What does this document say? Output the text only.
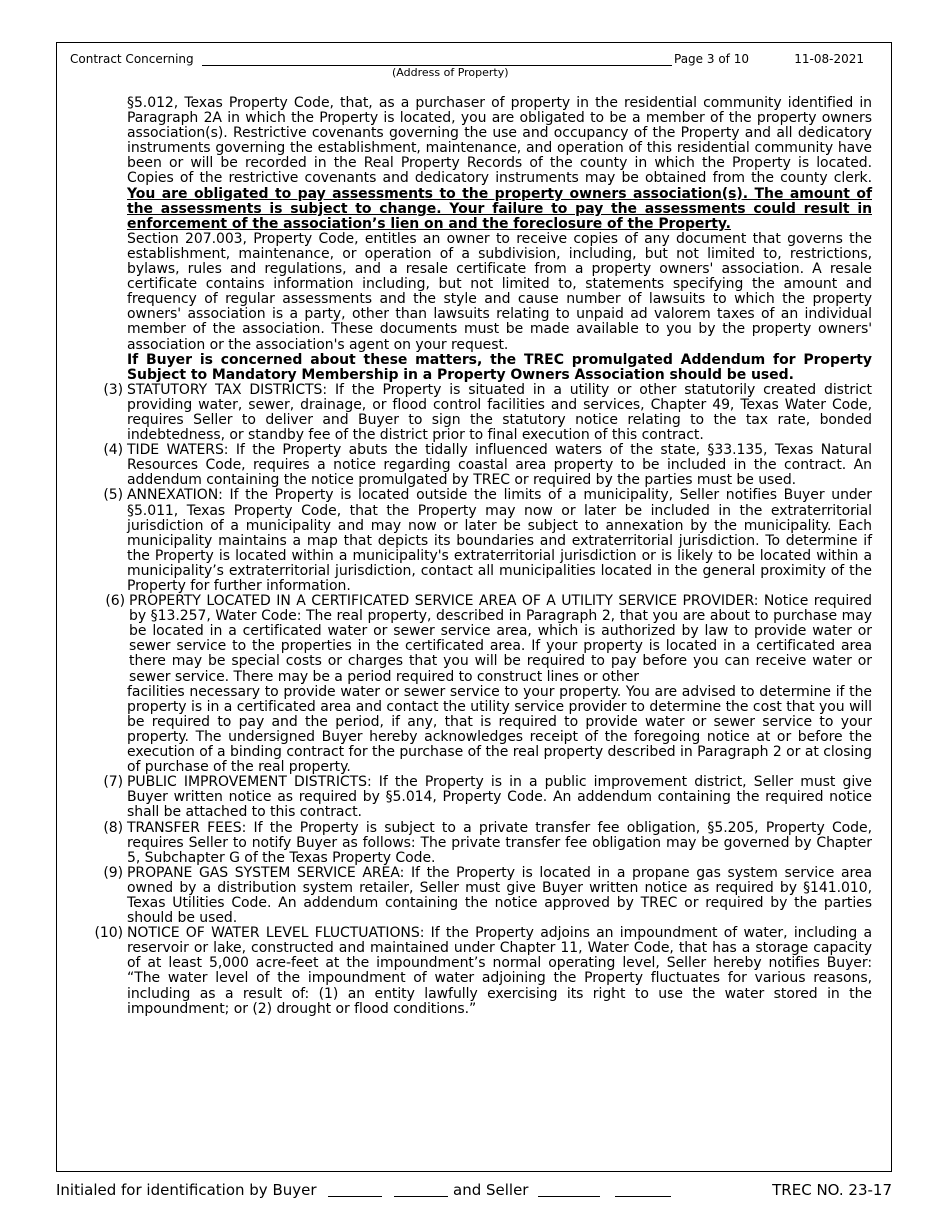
Contract Concerning	Page 3 of 10	11-08-2021
(Address of Property)

§5.012, Texas Property Code, that, as a purchaser of property in the residential community identified in Paragraph 2A in which the Property is located, you are obligated to be a member of the property owners association(s). Restrictive covenants governing the use and occupancy of the Property and all dedicatory instruments governing the establishment, maintenance, and operation of this residential community have been or will be recorded in the Real Property Records of the county in which the Property is located. Copies of the restrictive covenants and dedicatory instruments may be obtained from the county clerk. You are obligated to pay assessments to the property owners association(s). The amount of the assessments is subject to change. Your failure to pay the assessments could result in enforcement of the association’s lien on and the foreclosure of the Property.

Section 207.003, Property Code, entitles an owner to receive copies of any document that governs the establishment, maintenance, or operation of a subdivision, including, but not limited to, restrictions, bylaws, rules and regulations, and a resale certificate from a property owners' association. A resale certificate contains information including, but not limited to, statements specifying the amount and frequency of regular assessments and the style and cause number of lawsuits to which the property owners' association is a party, other than lawsuits relating to unpaid ad valorem taxes of an individual member of the association. These documents must be made available to you by the property owners' association or the association's agent on your request.

If Buyer is concerned about these matters, the TREC promulgated Addendum for Property Subject to Mandatory Membership in a Property Owners Association should be used.

(3) STATUTORY TAX DISTRICTS: If the Property is situated in a utility or other statutorily created district providing water, sewer, drainage, or flood control facilities and services, Chapter 49, Texas Water Code, requires Seller to deliver and Buyer to sign the statutory notice relating to the tax rate, bonded indebtedness, or standby fee of the district prior to final execution of this contract.

(4) TIDE WATERS: If the Property abuts the tidally influenced waters of the state, §33.135, Texas Natural Resources Code, requires a notice regarding coastal area property to be included in the contract. An addendum containing the notice promulgated by TREC or required by the parties must be used.

(5) ANNEXATION: If the Property is located outside the limits of a municipality, Seller notifies Buyer under §5.011, Texas Property Code, that the Property may now or later be included in the extraterritorial jurisdiction of a municipality and may now or later be subject to annexation by the municipality. Each municipality maintains a map that depicts its boundaries and extraterritorial jurisdiction. To determine if the Property is located within a municipality's extraterritorial jurisdiction or is likely to be located within a municipality’s extraterritorial jurisdiction, contact all municipalities located in the general proximity of the Property for further information.

(6) PROPERTY LOCATED IN A CERTIFICATED SERVICE AREA OF A UTILITY SERVICE PROVIDER: Notice required by §13.257, Water Code: The real property, described in Paragraph 2, that you are about to purchase may be located in a certificated water or sewer service area, which is authorized by law to provide water or sewer service to the properties in the certificated area. If your property is located in a certificated area there may be special costs or charges that you will be required to pay before you can receive water or sewer service. There may be a period required to construct lines or other

facilities necessary to provide water or sewer service to your property. You are advised to determine if the property is in a certificated area and contact the utility service provider to determine the cost that you will be required to pay and the period, if any, that is required to provide water or sewer service to your property. The undersigned Buyer hereby acknowledges receipt of the foregoing notice at or before the execution of a binding contract for the purchase of the real property described in Paragraph 2 or at closing of purchase of the real property.

(7) PUBLIC IMPROVEMENT DISTRICTS: If the Property is in a public improvement district, Seller must give Buyer written notice as required by §5.014, Property Code. An addendum containing the required notice shall be attached to this contract.

(8) TRANSFER FEES: If the Property is subject to a private transfer fee obligation, §5.205, Property Code, requires Seller to notify Buyer as follows: The private transfer fee obligation may be governed by Chapter 5, Subchapter G of the Texas Property Code.

(9) PROPANE GAS SYSTEM SERVICE AREA: If the Property is located in a propane gas system service area owned by a distribution system retailer, Seller must give Buyer written notice as required by §141.010, Texas Utilities Code. An addendum containing the notice approved by TREC or required by the parties should be used.

(10) NOTICE OF WATER LEVEL FLUCTUATIONS: If the Property adjoins an impoundment of water, including a reservoir or lake, constructed and maintained under Chapter 11, Water Code, that has a storage capacity of at least 5,000 acre-feet at the impoundment’s normal operating level, Seller hereby notifies Buyer: “The water level of the impoundment of water adjoining the Property fluctuates for various reasons, including as a result of: (1) an entity lawfully exercising its right to use the water stored in the impoundment; or (2) drought or flood conditions.”

Initialed for identification by Buyer	and Seller	TREC NO. 23-17
